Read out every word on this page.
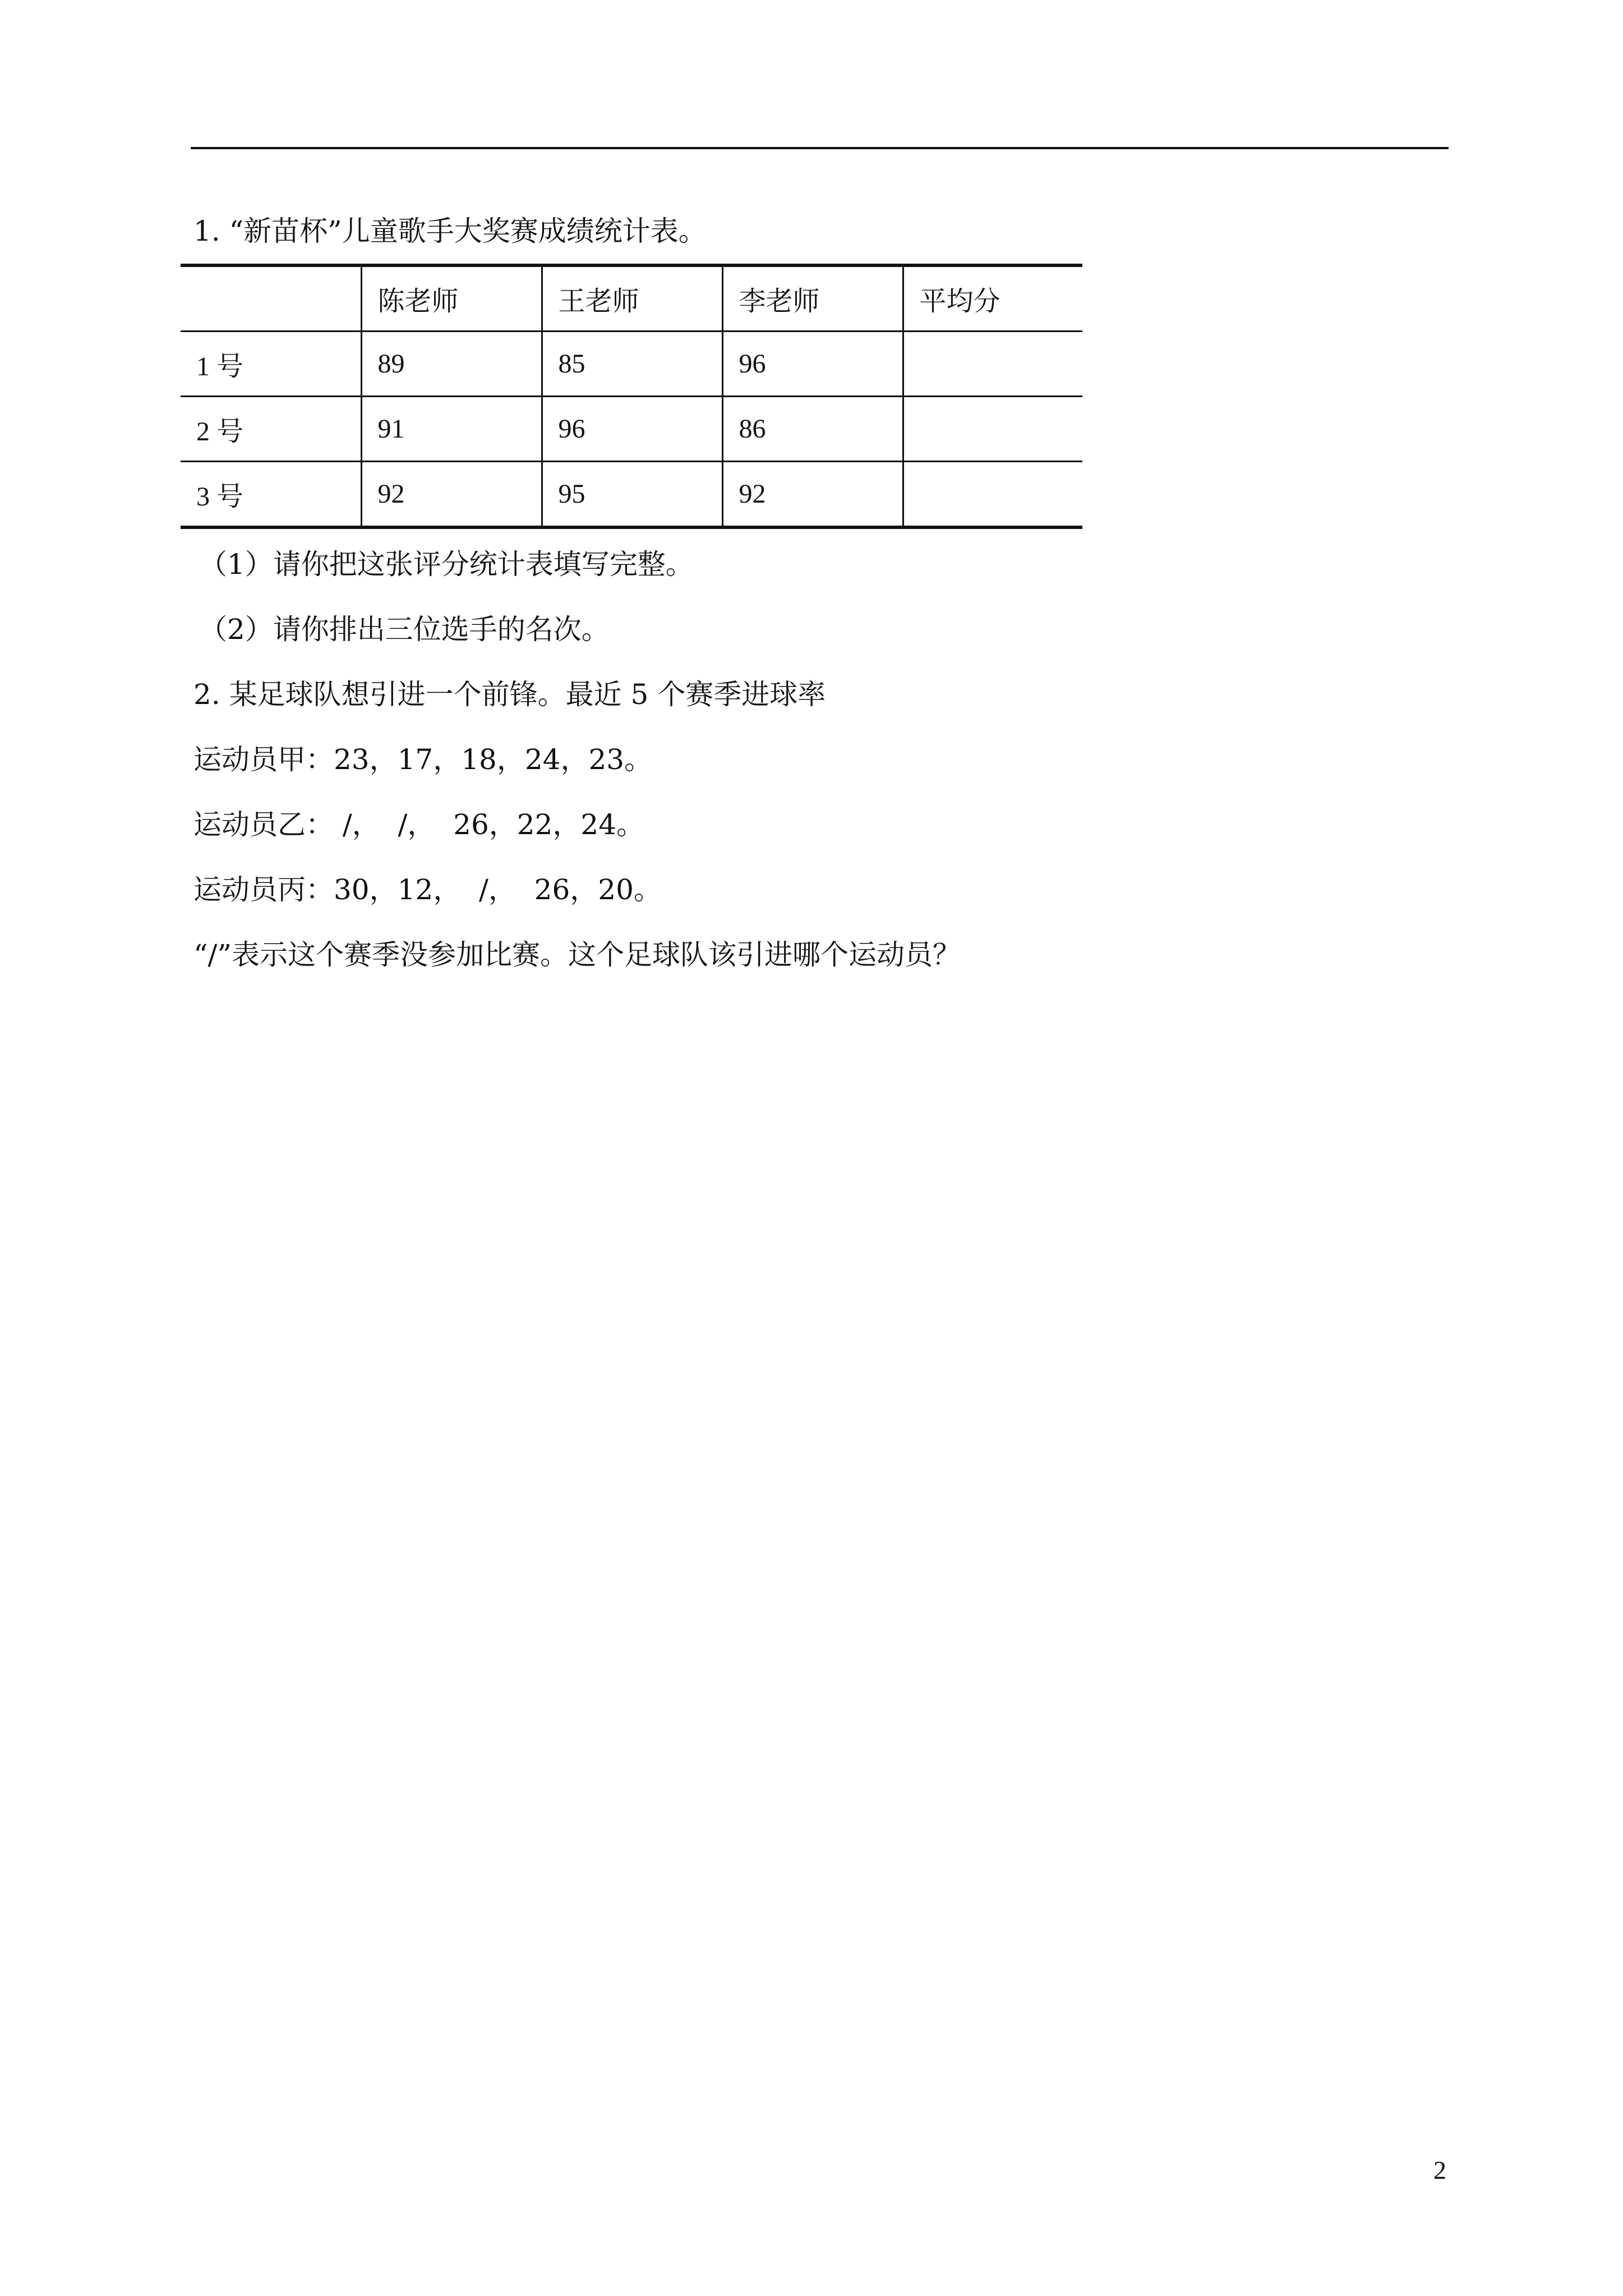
1. “新苗杯”儿童歌手大奖赛成绩统计表。
	陈老师	王老师	李老师	平均分
1 号	89	85	96	
2 号	91	96	86	
3 号	92	95	92	
（1）请你把这张评分统计表填写完整。
（2）请你排出三位选手的名次。
2. 某足球队想引进一个前锋。最近 5 个赛季进球率
运动员甲：23，17，18，24，23。
运动员乙： /，  /，  26，22，24。
运动员丙：30，12，  /，  26，20。
“/”表示这个赛季没参加比赛。这个足球队该引进哪个运动员？
2
